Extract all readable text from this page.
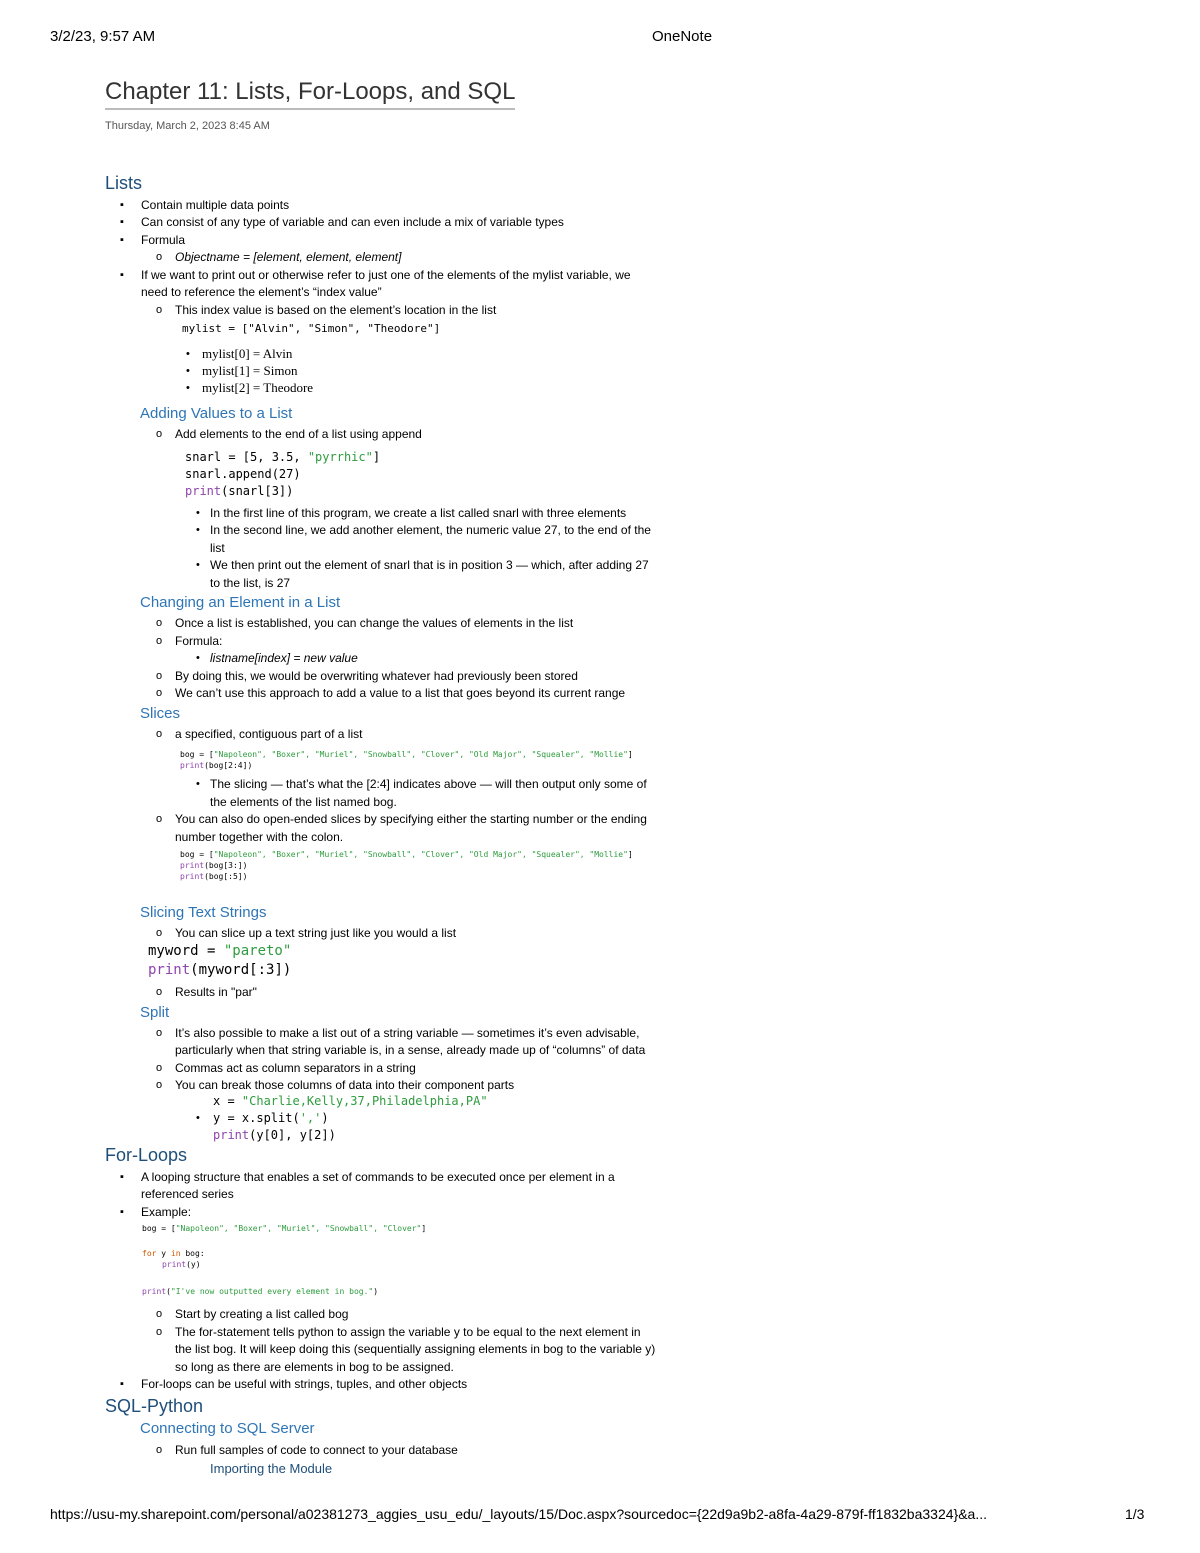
3/2/23, 9:57 AM	OneNote
https://usu-my.sharepoint.com/personal/a02381273_aggies_usu_edu/_layouts/15/Doc.aspx?sourcedoc={22d9a9b2-a8fa-4a29-879f-ff1832ba3324}&a...	1/3
Chapter 11: Lists, For-Loops, and SQL
Thursday, March 2, 2023 8:45 AM
Lists
▪ Contain multiple data points
▪ Can consist of any type of variable and can even include a mix of variable types
▪ Formula
o Objectname = [element, element, element]
▪ If we want to print out or otherwise refer to just one of the elements of the mylist variable, we
need to reference the element’s “index value”
o This index value is based on the element’s location in the list
mylist = ["Alvin", "Simon", "Theodore"]
• mylist[0] = Alvin
• mylist[1] = Simon
• mylist[2] = Theodore
Adding Values to a List
o Add elements to the end of a list using append
snarl = [5, 3.5, "pyrrhic"]
snarl.append(27)
print(snarl[3])
• In the first line of this program, we create a list called snarl with three elements
• In the second line, we add another element, the numeric value 27, to the end of the
list
• We then print out the element of snarl that is in position 3 — which, after adding 27
to the list, is 27
Changing an Element in a List
o Once a list is established, you can change the values of elements in the list
o Formula:
• listname[index] = new value
o By doing this, we would be overwriting whatever had previously been stored
o We can’t use this approach to add a value to a list that goes beyond its current range
Slices
o a specified, contiguous part of a list
bog = ["Napoleon", "Boxer", "Muriel", "Snowball", "Clover", "Old Major", "Squealer", "Mollie"]
print(bog[2:4])
• The slicing — that’s what the [2:4] indicates above — will then output only some of
the elements of the list named bog.
o You can also do open-ended slices by specifying either the starting number or the ending
number together with the colon.
bog = ["Napoleon", "Boxer", "Muriel", "Snowball", "Clover", "Old Major", "Squealer", "Mollie"]
print(bog[3:])
print(bog[:5])
Slicing Text Strings
o You can slice up a text string just like you would a list
myword = "pareto"
print(myword[:3])
o Results in "par"
Split
o It’s also possible to make a list out of a string variable — sometimes it’s even advisable,
particularly when that string variable is, in a sense, already made up of “columns” of data
o Commas act as column separators in a string
o You can break those columns of data into their component parts
x = "Charlie,Kelly,37,Philadelphia,PA"
• y = x.split(',')
print(y[0], y[2])
For-Loops
▪ A looping structure that enables a set of commands to be executed once per element in a
referenced series
▪ Example:
bog = ["Napoleon", "Boxer", "Muriel", "Snowball", "Clover"]
for y in bog:
print(y)
print("I've now outputted every element in bog.")
o Start by creating a list called bog
o The for-statement tells python to assign the variable y to be equal to the next element in
the list bog. It will keep doing this (sequentially assigning elements in bog to the variable y)
so long as there are elements in bog to be assigned.
▪ For-loops can be useful with strings, tuples, and other objects
SQL-Python
Connecting to SQL Server
o Run full samples of code to connect to your database
Importing the Module
